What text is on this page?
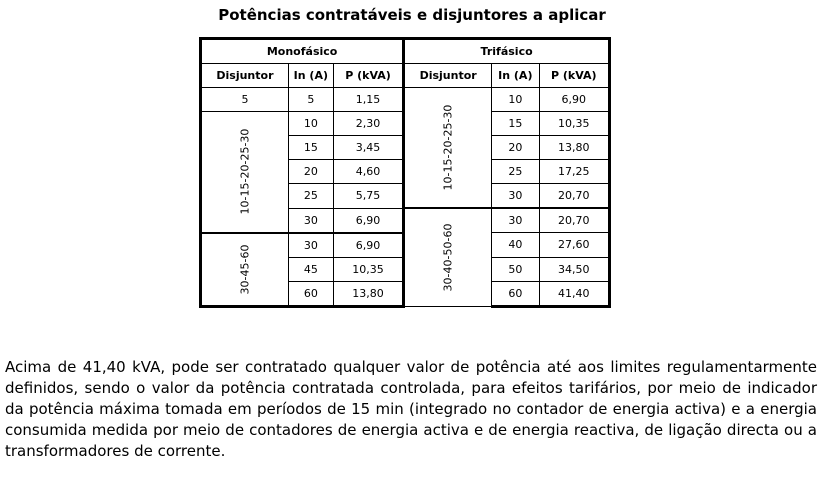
Potências contratáveis e disjuntores a aplicar
Monofásico			Trifásico		
Disjuntor	In (A)	P (kVA)	Disjuntor	In (A)	P (kVA)
5	5	1,15	10-15-20-25-30	10	6,90
10-15-20-25-30	10	2,30		15	10,35
	15	3,45		20	13,80
	20	4,60		25	17,25
	25	5,75		30	20,70
	30	6,90	30-40-50-60	30	20,70
30-45-60	30	6,90		40	27,60
	45	10,35		50	34,50
	60	13,80		60	41,40
Acima de 41,40 kVA, pode ser contratado qualquer valor de potência até aos limites regulamentarmente definidos, sendo o valor da potência contratada controlada, para efeitos tarifários, por meio de indicador da potência máxima tomada em períodos de 15 min (integrado no contador de energia activa) e a energia consumida medida por meio de contadores de energia activa e de energia reactiva, de ligação directa ou a transformadores de corrente.
